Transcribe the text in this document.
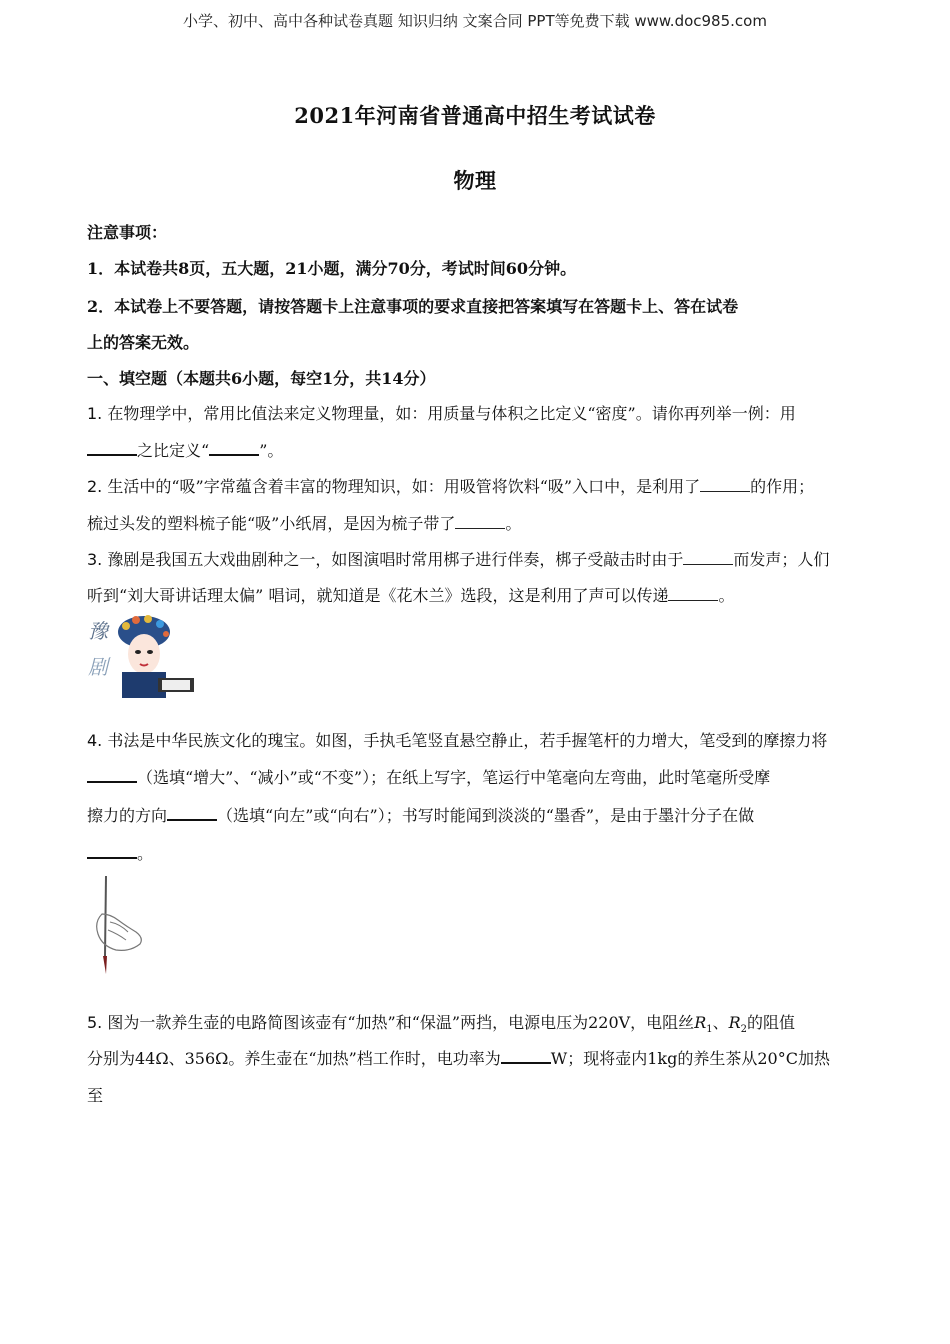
小学、初中、高中各种试卷真题 知识归纳 文案合同 PPT等免费下载 www.doc985.com
2021年河南省普通高中招生考试试卷
物理
注意事项：
1．本试卷共8页，五大题，21小题，满分70分，考试时间60分钟。
2．本试卷上不要答题，请按答题卡上注意事项的要求直接把答案填写在答题卡上、答在试卷
上的答案无效。
一、填空题（本题共6小题，每空1分，共14分）
1. 在物理学中，常用比值法来定义物理量，如：用质量与体积之比定义“密度”。请你再列举一例：用
之比定义“	”。
2. 生活中的“吸”字常蕴含着丰富的物理知识，如：用吸管将饮料“吸”入口中，是利用了	的作用；
梳过头发的塑料梳子能“吸”小纸屑，是因为梳子带了	。
3. 豫剧是我国五大戏曲剧种之一，如图演唱时常用梆子进行伴奏，梆子受敲击时由于	而发声；人们
听到“刘大哥讲话理太偏” 唱词，就知道是《花木兰》选段，这是利用了声可以传递	。
豫
剧
4. 书法是中华民族文化的瑰宝。如图，手执毛笔竖直悬空静止，若手握笔杆的力增大，笔受到的摩擦力将
（选填“增大”、“减小”或“不变”）；在纸上写字，笔运行中笔毫向左弯曲，此时笔毫所受摩
擦力的方向	（选填“向左”或“向右”）；书写时能闻到淡淡的“墨香”，是由于墨汁分子在做
。
5. 图为一款养生壶的电路简图该壶有“加热”和“保温”两挡，电源电压为220V，电阻丝$R_1$、$R_2$的阻值
分别为44Ω、356Ω。养生壶在“加热”档工作时，电功率为	W；现将壶内1kg的养生茶从20°C加热
至
